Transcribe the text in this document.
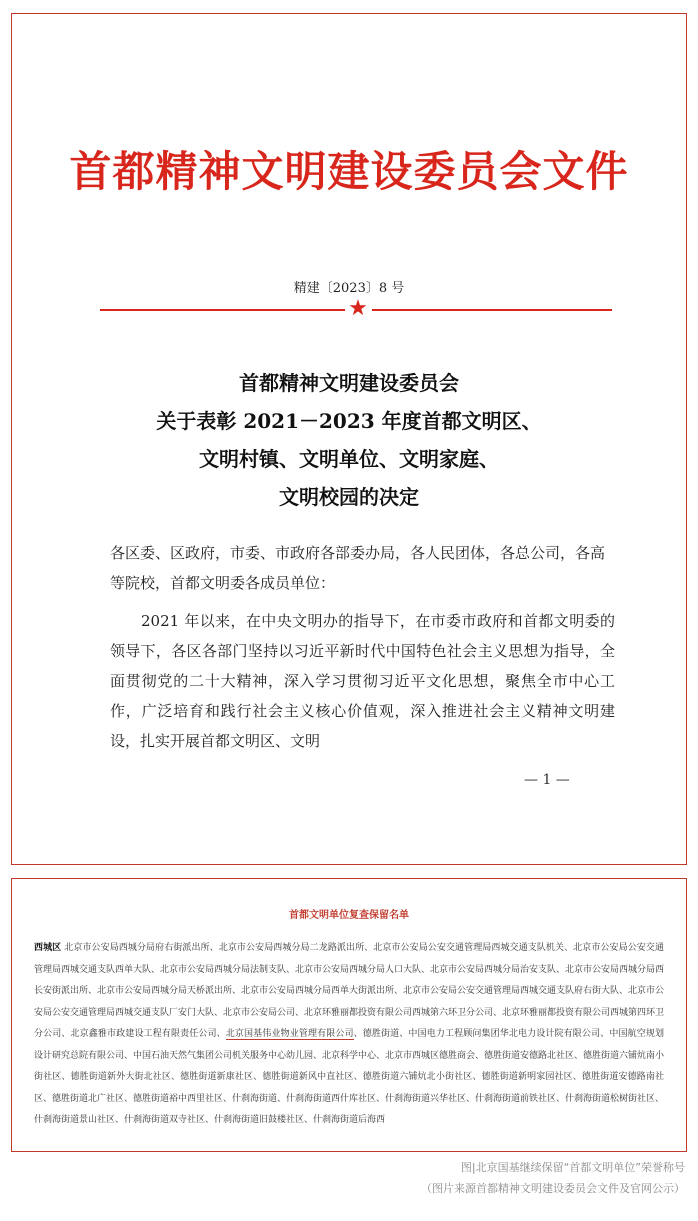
首都精神文明建设委员会文件
精建〔2023〕8 号
★
首都精神文明建设委员会
关于表彰 2021－2023 年度首都文明区、
文明村镇、文明单位、文明家庭、
文明校园的决定
各区委、区政府，市委、市政府各部委办局，各人民团体，各总公司，各高等院校，首都文明委各成员单位：
2021 年以来，在中央文明办的指导下，在市委市政府和首都文明委的领导下，各区各部门坚持以习近平新时代中国特色社会主义思想为指导，全面贯彻党的二十大精神，深入学习贯彻习近平文化思想，聚焦全市中心工作，广泛培育和践行社会主义核心价值观，深入推进社会主义精神文明建设，扎实开展首都文明区、文明
— 1 —
首都文明单位复查保留名单
西城区 北京市公安局西城分局府右街派出所、北京市公安局西城分局二龙路派出所、北京市公安局公安交通管理局西城交通支队机关、北京市公安局公安交通管理局西城交通支队西单大队、北京市公安局西城分局法制支队、北京市公安局西城分局人口大队、北京市公安局西城分局治安支队、北京市公安局西城分局西长安街派出所、北京市公安局西城分局天桥派出所、北京市公安局西城分局西单大街派出所、北京市公安局公安交通管理局西城交通支队府右街大队、北京市公安局公安交通管理局西城交通支队厂安门大队、北京市公安局公司、北京环雅丽都投资有限公司西城第六环卫分公司、北京环雅丽都投资有限公司西城第四环卫分公司、北京鑫雅市政建设工程有限责任公司、北京国基伟业物业管理有限公司、德胜街道、中国电力工程顾问集团华北电力设计院有限公司、中国航空规划设计研究总院有限公司、中国石油天然气集团公司机关服务中心幼儿园、北京科学中心、北京市西城区德胜商会、德胜街道安德路北社区、德胜街道六铺炕南小街社区、德胜街道新外大街北社区、德胜街道新康社区、德胜街道新风中直社区、德胜街道六铺炕北小街社区、德胜街道新明家园社区、德胜街道安德路南社区、德胜街道北广社区、德胜街道裕中西里社区、什刹海街道、什刹海街道西什库社区、什刹海街道兴华社区、什刹海街道前铁社区、什刹海街道松树街社区、什刹海街道景山社区、什刹海街道双寺社区、什刹海街道旧鼓楼社区、什刹海街道后海西
图|北京国基继续保留“首都文明单位”荣誉称号
（图片来源首都精神文明建设委员会文件及官网公示）
